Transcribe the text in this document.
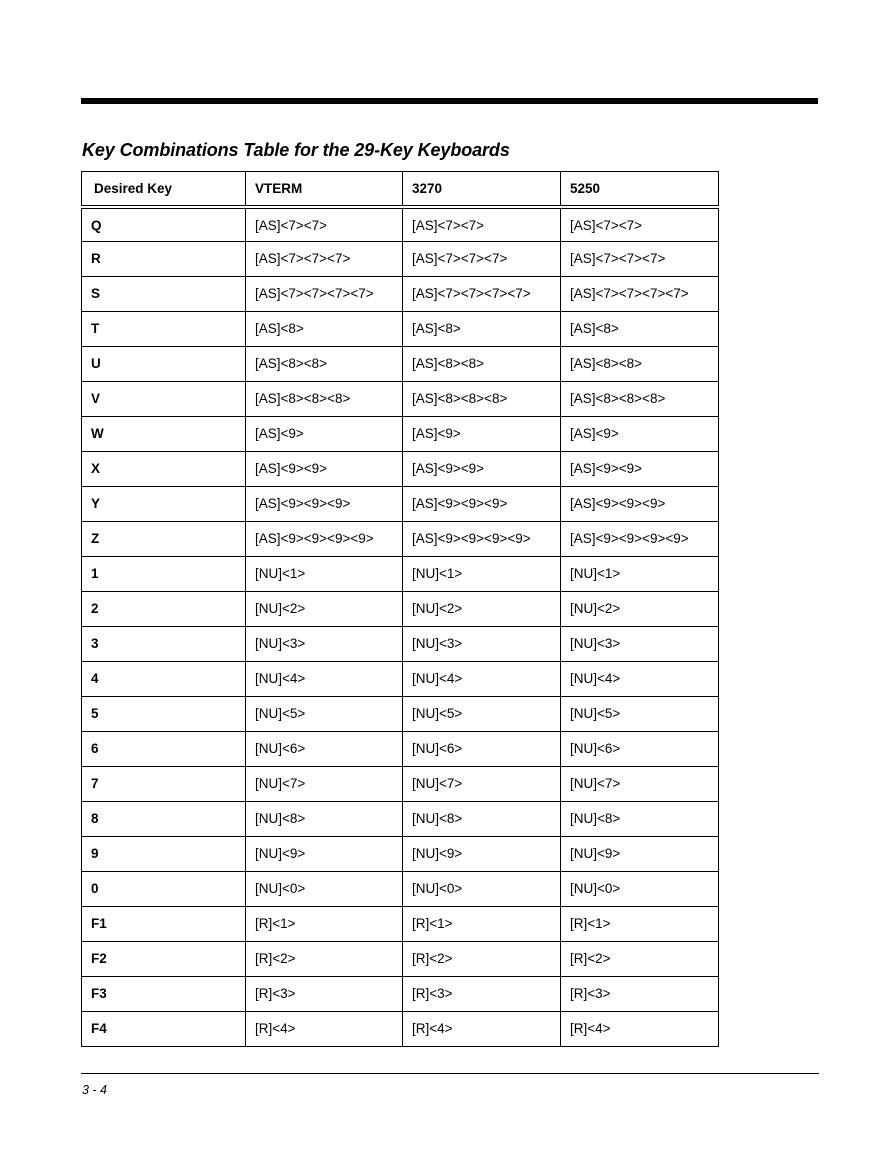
Key Combinations Table for the 29-Key Keyboards
Desired Key	VTERM	3270	5250
Q	[AS]<7><7>	[AS]<7><7>	[AS]<7><7>
R	[AS]<7><7><7>	[AS]<7><7><7>	[AS]<7><7><7>
S	[AS]<7><7><7><7>	[AS]<7><7><7><7>	[AS]<7><7><7><7>
T	[AS]<8>	[AS]<8>	[AS]<8>
U	[AS]<8><8>	[AS]<8><8>	[AS]<8><8>
V	[AS]<8><8><8>	[AS]<8><8><8>	[AS]<8><8><8>
W	[AS]<9>	[AS]<9>	[AS]<9>
X	[AS]<9><9>	[AS]<9><9>	[AS]<9><9>
Y	[AS]<9><9><9>	[AS]<9><9><9>	[AS]<9><9><9>
Z	[AS]<9><9><9><9>	[AS]<9><9><9><9>	[AS]<9><9><9><9>
1	[NU]<1>	[NU]<1>	[NU]<1>
2	[NU]<2>	[NU]<2>	[NU]<2>
3	[NU]<3>	[NU]<3>	[NU]<3>
4	[NU]<4>	[NU]<4>	[NU]<4>
5	[NU]<5>	[NU]<5>	[NU]<5>
6	[NU]<6>	[NU]<6>	[NU]<6>
7	[NU]<7>	[NU]<7>	[NU]<7>
8	[NU]<8>	[NU]<8>	[NU]<8>
9	[NU]<9>	[NU]<9>	[NU]<9>
0	[NU]<0>	[NU]<0>	[NU]<0>
F1	[R]<1>	[R]<1>	[R]<1>
F2	[R]<2>	[R]<2>	[R]<2>
F3	[R]<3>	[R]<3>	[R]<3>
F4	[R]<4>	[R]<4>	[R]<4>
3 - 4
